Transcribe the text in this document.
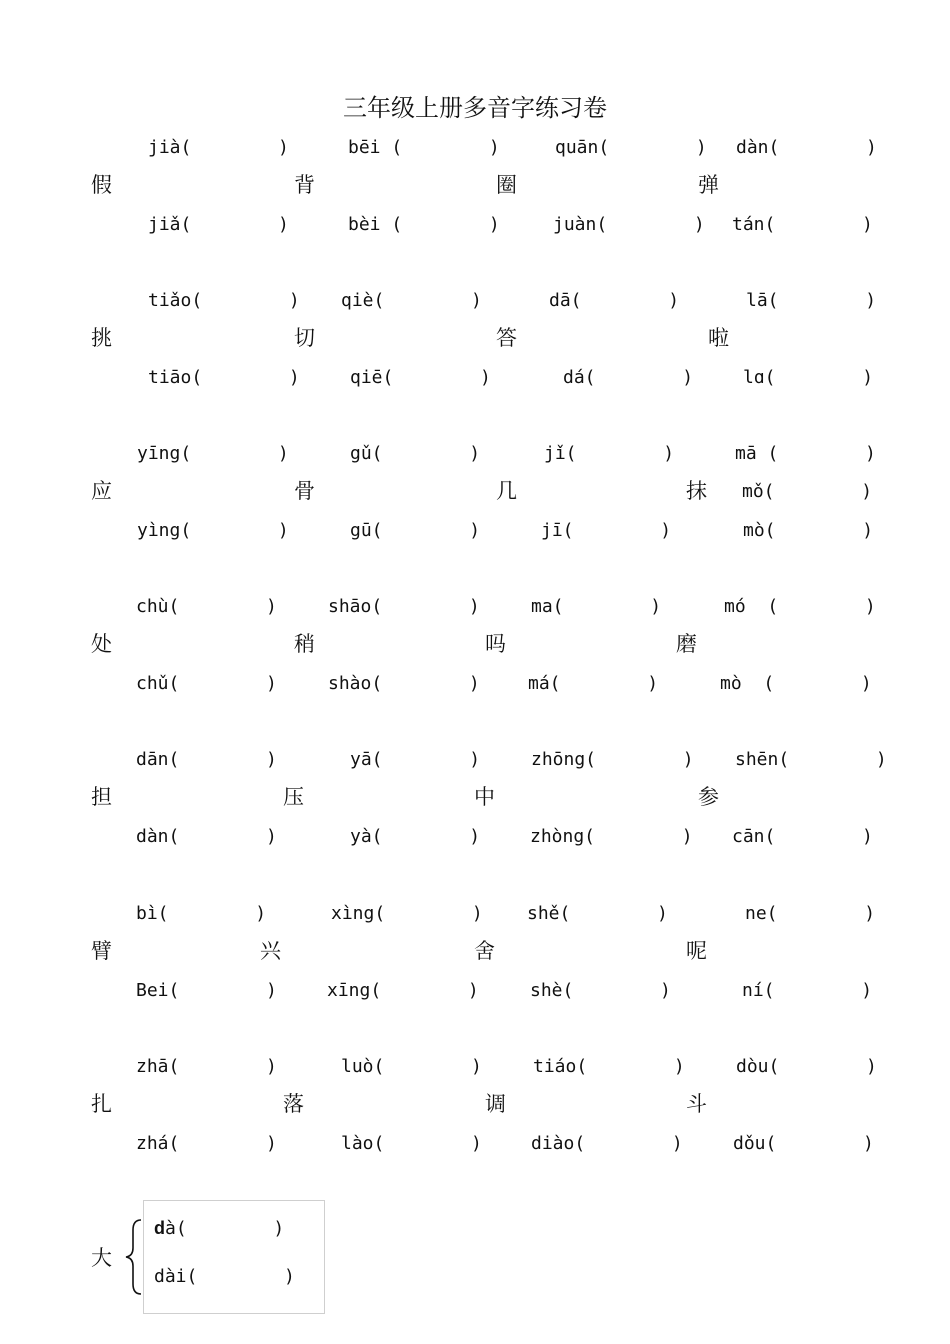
三年级上册多音字练习卷
jià(        )	bēi (        )	quān(        ) dàn(        )
假	背	圈	弹
jiǎ(        )	bèi (        )	juàn(        ) tán(        )
tiǎo(        ) qiè(        )	dā(        )	lā(        )
挑	切	答	啦
tiāo(        )	qiē(        )	dá(        )	lɑ(        )
yīng(        )	gǔ(        )	jǐ(        )	mā (        )
应	骨	几	抹 mǒ(        )
yìng(        )	gū(        )	jī(        )	mò(        )
chù(        )	shāo(        )	ma(        )	mó  (        )
处	稍	吗	磨
chǔ(        )	shào(        )	má(        )	mò  (        )
dān(        )	yā(        )	zhōng(        ) shēn(        )
担	压	中	参
dàn(        )	yà(        )	zhòng(        ) cān(        )
bì(        )	xìng(        ) shě(        )	ne(        )
臂	兴	舍	呢
Bei(        )	xīng(        )	shè(        )	ní(        )
zhā(        )	luò(        )	tiáo(        )	dòu(        )
扎	落	调	斗
zhá(        )	lào(        )	diào(        )	dǒu(        )
大
dà(        )
dài(        )
